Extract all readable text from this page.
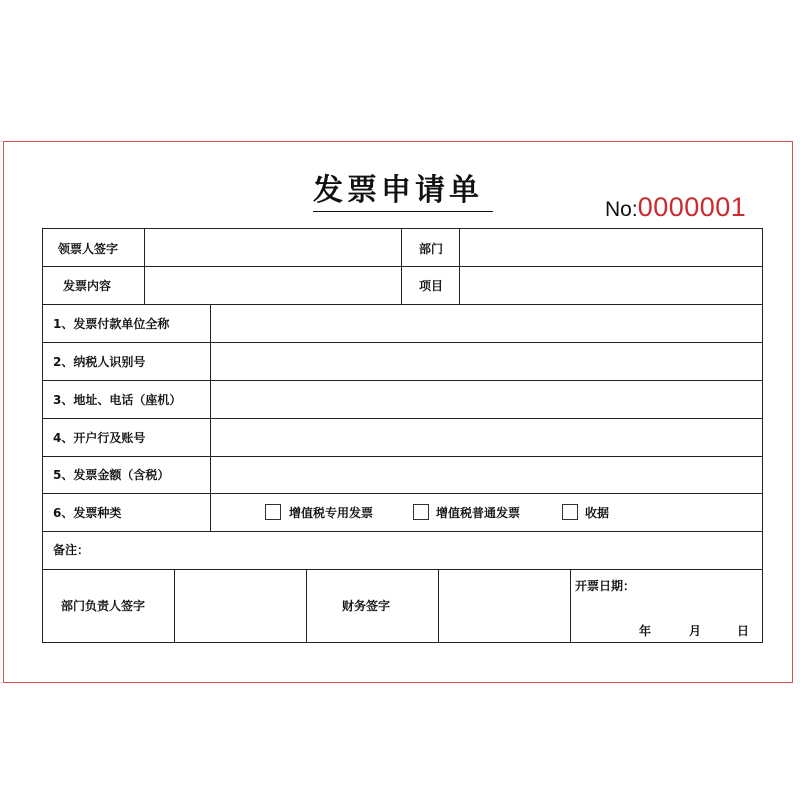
发票申请单
No:0000001
领票人签字	部门
发票内容	项目
1、发票付款单位全称
2、纳税人识别号
3、地址、电话（座机）
4、开户行及账号
5、发票金额（含税）
6、发票种类	增值税专用发票	增值税普通发票	收据
备注：
部门负责人签字	财务签字
开票日期：
年	月	日
